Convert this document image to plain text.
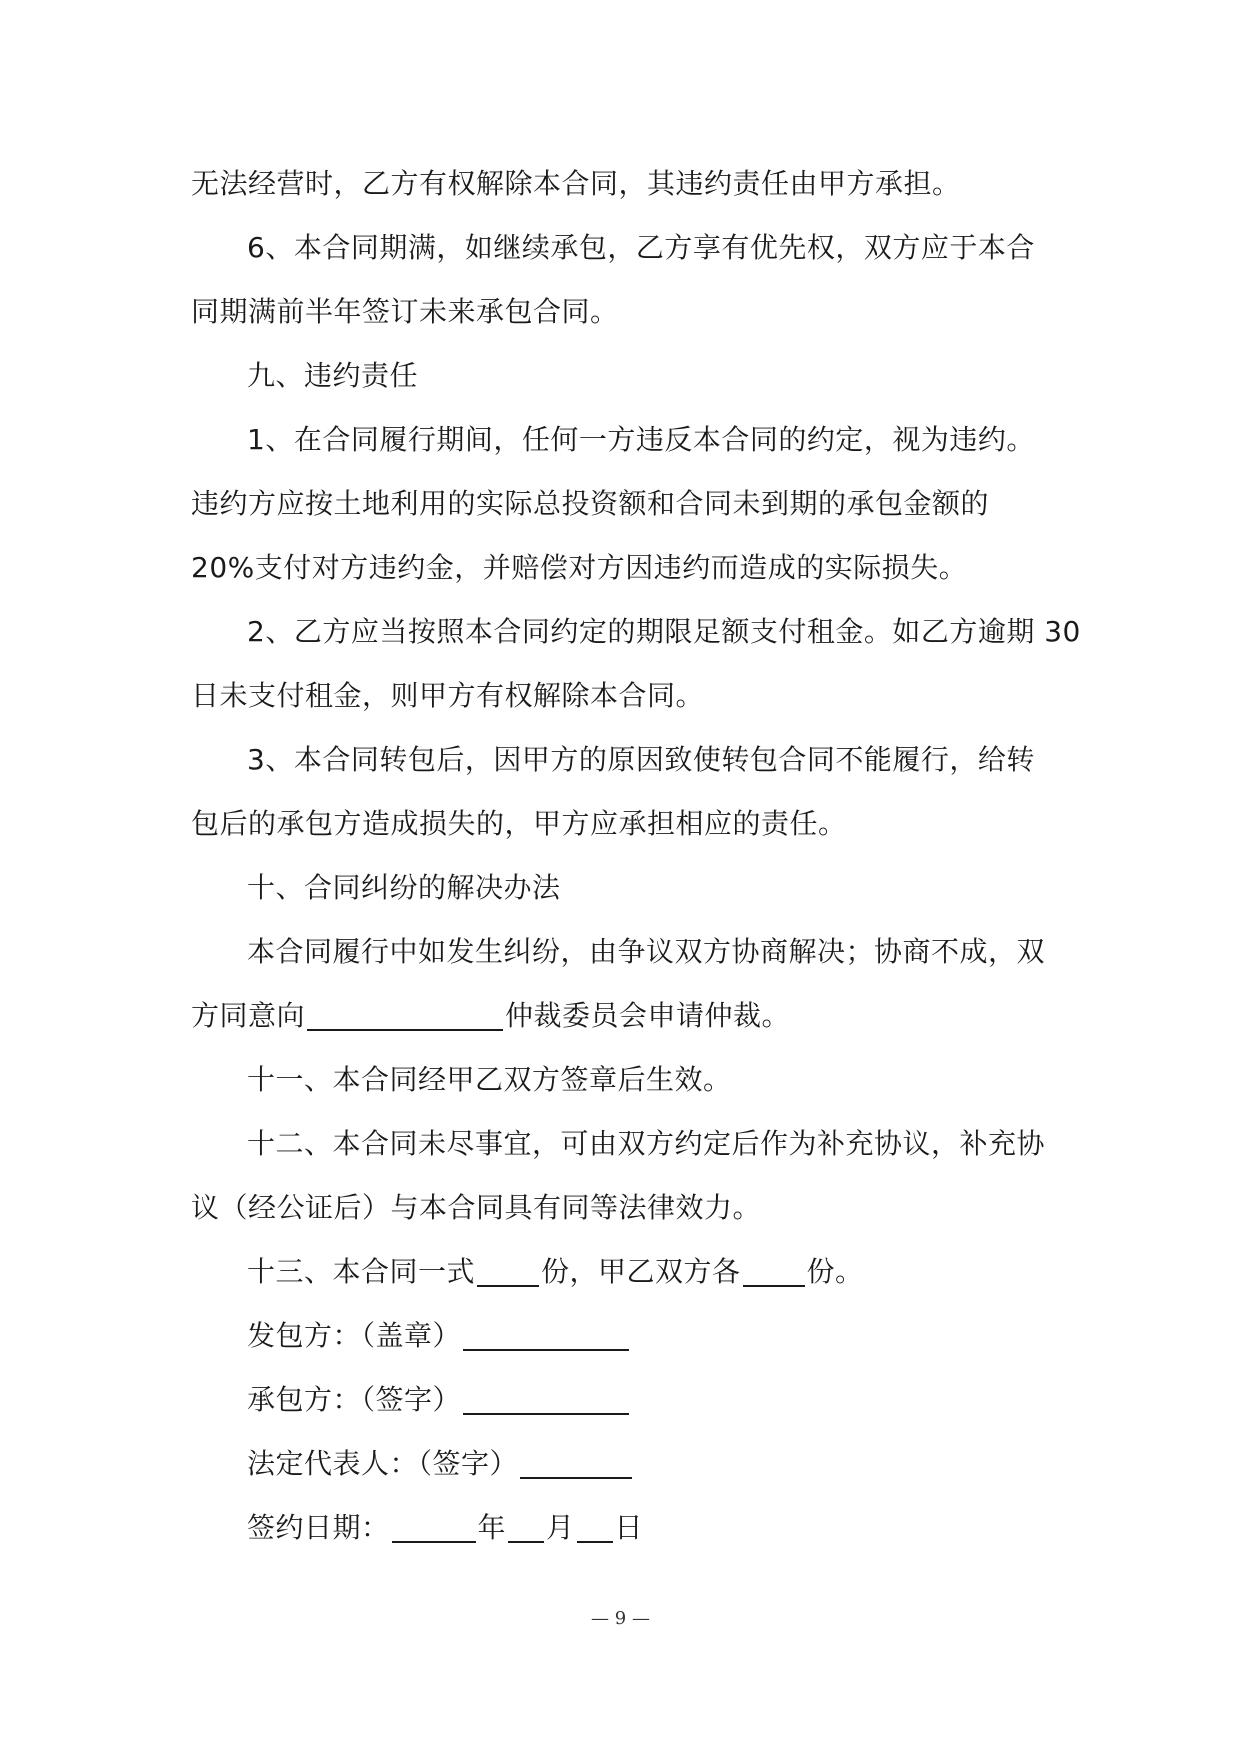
无法经营时，乙方有权解除本合同，其违约责任由甲方承担。
6、本合同期满，如继续承包，乙方享有优先权，双方应于本合
同期满前半年签订未来承包合同。
九、违约责任
1、在合同履行期间，任何一方违反本合同的约定，视为违约。
违约方应按土地利用的实际总投资额和合同未到期的承包金额的
20%支付对方违约金，并赔偿对方因违约而造成的实际损失。
2、乙方应当按照本合同约定的期限足额支付租金。如乙方逾期 30
日未支付租金，则甲方有权解除本合同。
3、本合同转包后，因甲方的原因致使转包合同不能履行，给转
包后的承包方造成损失的，甲方应承担相应的责任。
十、合同纠纷的解决办法
本合同履行中如发生纠纷，由争议双方协商解决；协商不成，双
方同意向	仲裁委员会申请仲裁。
十一、本合同经甲乙双方签章后生效。
十二、本合同未尽事宜，可由双方约定后作为补充协议，补充协
议（经公证后）与本合同具有同等法律效力。
十三、本合同一式 份，甲乙双方各 份。
发包方：（盖章）
承包方：（签字）
法定代表人：（签字）
签约日期：	年 月 日
— 9 —
